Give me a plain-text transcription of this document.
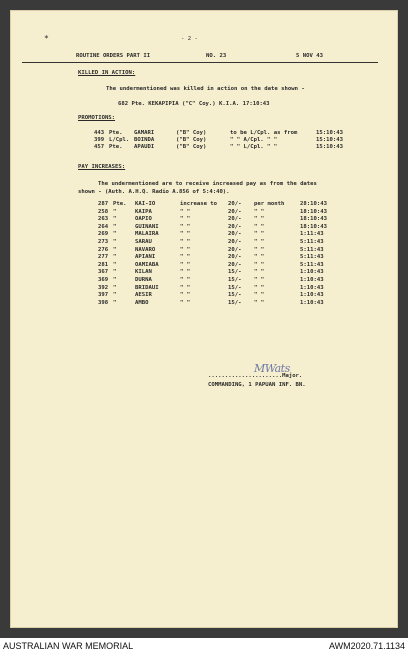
- 2 -
*
ROUTINE ORDERS PART II	NO. 23	5 NOV 43
KILLED IN ACTION:
The undermentioned was killed in action on the date shown -
682 Pte. KEKAPIPIA ("C" Coy.) K.I.A. 17:10:43
PROMOTIONS:
443 Pte. GAMARI	("B" Coy)	to be L/Cpl. as from	15:10:43
399 L/Cpl. BOINDA	("B" Coy)	" " A/Cpl. " "	15:10:43
457 Pte. APAUDI	("B" Coy)	" " L/Cpl. " "	15:10:43
PAY INCREASES:
The undermentioned are to receive increased pay as from the dates
shown - (Auth. A.H.Q. Radio A.856 of 5:4:40).
287 Pte. KAI-IO	increase to 20/- per month	28:10:43
258 "	KAIPA	" "	20/- " "	18:10:43
263 "	OAPIO	" "	20/- " "	18:10:43
264 "	GUINANI	" "	20/- " "	18:10:43
269 "	MALAIRA	" "	20/- " "	1:11:43
273 "	SARAU	" "	20/- " "	5:11:43
276 "	NAVARO	" "	20/- " "	5:11:43
277 "	APIANI	" "	20/- " "	5:11:43
281 "	OAMIABA	" "	20/- " "	5:11:43
367 "	KILAN	" "	15/- " "	1:10:43
369 "	DURNA	" "	15/- " "	1:10:43
392 "	BRIDAUI	" "	15/- " "	1:10:43
397 "	AESIR	" "	15/- " "	1:10:43
398 "	AMBO	" "	15/- " "	1:10:43
MWats
......................Major.
COMMANDING, 1 PAPUAN INF. BN.
AUSTRALIAN WAR MEMORIAL	AWM2020.71.1134
